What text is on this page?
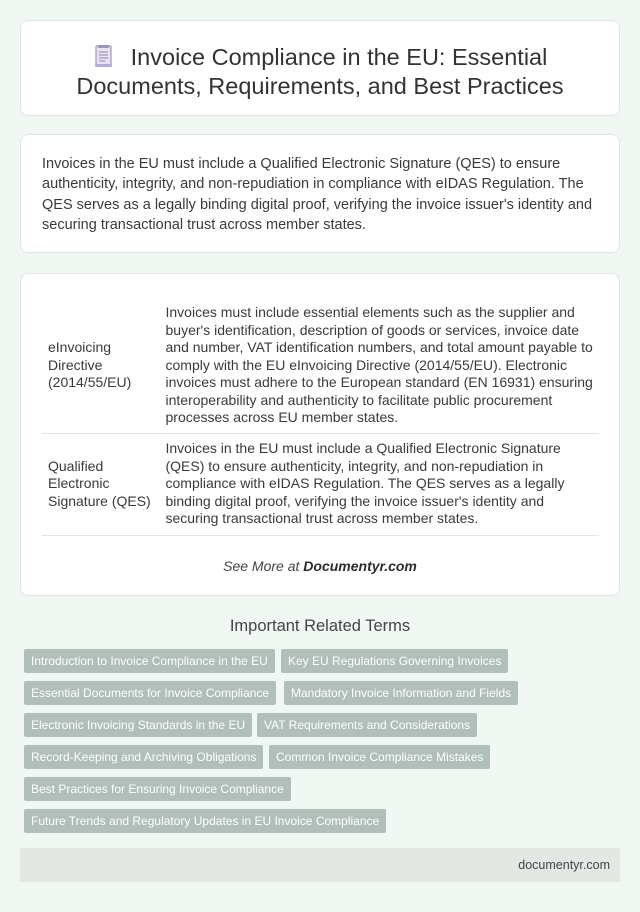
Invoice Compliance in the EU: Essential
Documents, Requirements, and Best Practices

Invoices in the EU must include a Qualified Electronic Signature (QES) to ensure authenticity, integrity, and non-repudiation in compliance with eIDAS Regulation. The QES serves as a legally binding digital proof, verifying the invoice issuer's identity and securing transactional trust across member states.

eInvoicing Directive (2014/55/EU)	Invoices must include essential elements such as the supplier and buyer's identification, description of goods or services, invoice date and number, VAT identification numbers, and total amount payable to comply with the EU eInvoicing Directive (2014/55/EU). Electronic invoices must adhere to the European standard (EN 16931) ensuring interoperability and authenticity to facilitate public procurement processes across EU member states.
Qualified Electronic Signature (QES)	Invoices in the EU must include a Qualified Electronic Signature (QES) to ensure authenticity, integrity, and non-repudiation in compliance with eIDAS Regulation. The QES serves as a legally binding digital proof, verifying the invoice issuer's identity and securing transactional trust across member states.
See More at Documentyr.com
Important Related Terms
Introduction to Invoice Compliance in the EU	Key EU Regulations Governing Invoices
Essential Documents for Invoice Compliance	Mandatory Invoice Information and Fields
Electronic Invoicing Standards in the EU	VAT Requirements and Considerations
Record-Keeping and Archiving Obligations	Common Invoice Compliance Mistakes
Best Practices for Ensuring Invoice Compliance
Future Trends and Regulatory Updates in EU Invoice Compliance
documentyr.com
